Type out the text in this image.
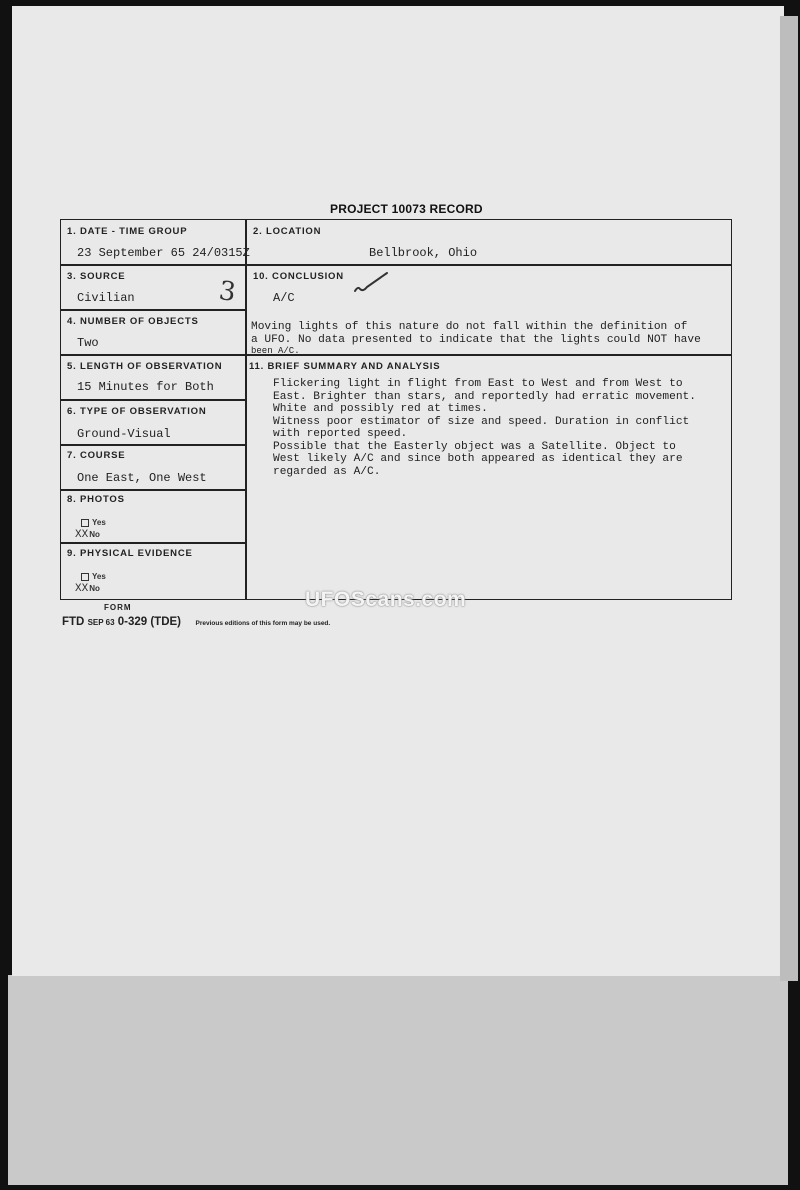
PROJECT 10073 RECORD
1. DATE - TIME GROUP
23 September 65 24/0315Z
2. LOCATION
Bellbrook, Ohio
3. SOURCE
Civilian	3 10. CONCLUSION
A/C
4. NUMBER OF OBJECTS
Two
Moving lights of this nature do not fall within the definition of
a UFO. No data presented to indicate that the lights could NOT have
been A/C.
5. LENGTH OF OBSERVATION
15 Minutes for Both
11. BRIEF SUMMARY AND ANALYSIS
Flickering light in flight from East to West and from West to
East. Brighter than stars, and reportedly had erratic movement.
White and possibly red at times.
Witness poor estimator of size and speed. Duration in conflict
with reported speed.
Possible that the Easterly object was a Satellite. Object to
West likely A/C and since both appeared as identical they are
regarded as A/C.
6. TYPE OF OBSERVATION
Ground-Visual
7. COURSE
One East, One West
8. PHOTOS
Yes
XXNo
9. PHYSICAL EVIDENCE
Yes
XXNo	UFOScans.com
FORM
FTD SEP 63 0-329 (TDE) Previous editions of this form may be used.
